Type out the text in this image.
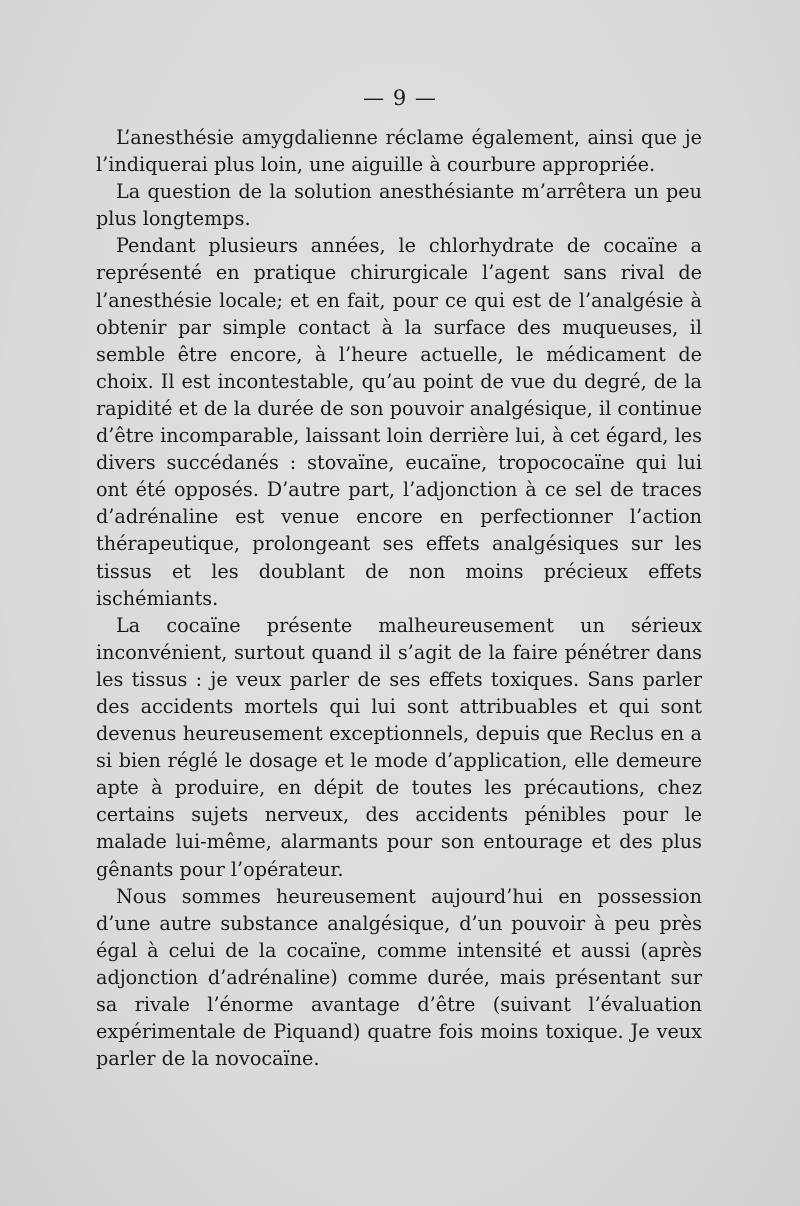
— 9 —

L’anesthésie amygdalienne réclame également, ainsi que je l’indiquerai plus loin, une aiguille à courbure appropriée.

La question de la solution anesthésiante m’arrêtera un peu plus longtemps.

Pendant plusieurs années, le chlorhydrate de cocaïne a représenté en pratique chirurgicale l’agent sans rival de l’anesthésie locale; et en fait, pour ce qui est de l’analgésie à obtenir par simple contact à la surface des muqueuses, il semble être encore, à l’heure actuelle, le médicament de choix. Il est incontestable, qu’au point de vue du degré, de la rapidité et de la durée de son pouvoir analgésique, il continue d’être incomparable, laissant loin derrière lui, à cet égard, les divers succédanés : stovaïne, eucaïne, tropococaïne qui lui ont été opposés. D’autre part, l’adjonction à ce sel de traces d’adrénaline est venue encore en perfectionner l’action thérapeutique, prolongeant ses effets analgésiques sur les tissus et les doublant de non moins précieux effets ischémiants.

La cocaïne présente malheureusement un sérieux inconvénient, surtout quand il s’agit de la faire pénétrer dans les tissus : je veux parler de ses effets toxiques. Sans parler des accidents mortels qui lui sont attribuables et qui sont devenus heureusement exceptionnels, depuis que Reclus en a si bien réglé le dosage et le mode d’application, elle demeure apte à produire, en dépit de toutes les précautions, chez certains sujets nerveux, des accidents pénibles pour le malade lui-même, alarmants pour son entourage et des plus gênants pour l’opérateur.

Nous sommes heureusement aujourd’hui en possession d’une autre substance analgésique, d’un pouvoir à peu près égal à celui de la cocaïne, comme intensité et aussi (après adjonction d’adrénaline) comme durée, mais présentant sur sa rivale l’énorme avantage d’être (suivant l’évaluation expérimentale de Piquand) quatre fois moins toxique. Je veux parler de la novocaïne.
